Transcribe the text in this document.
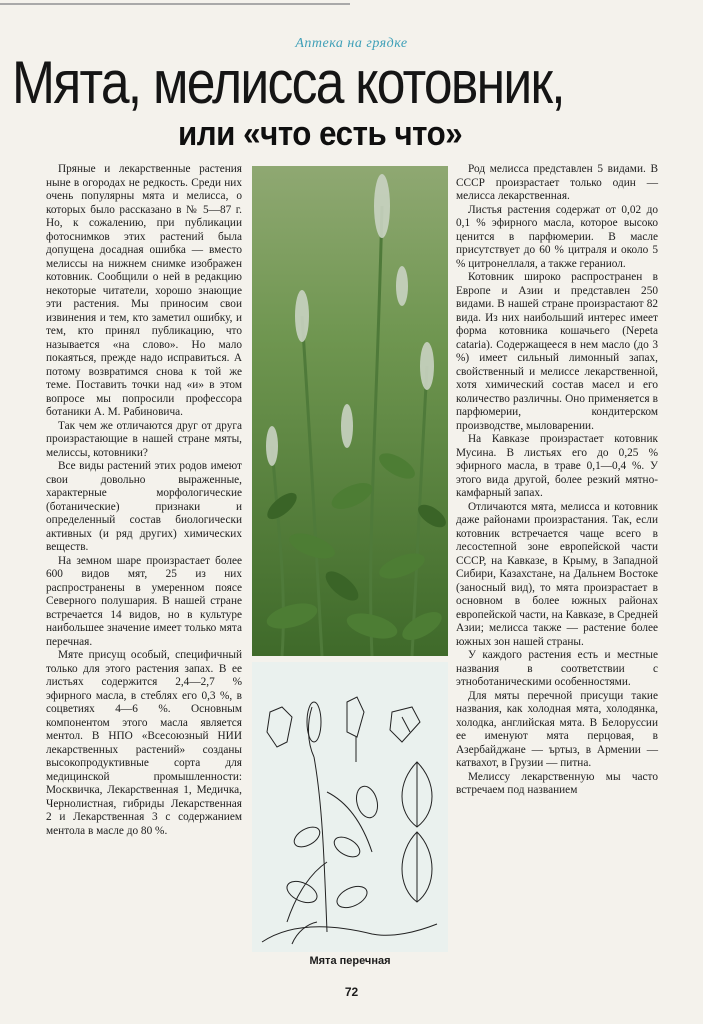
Аптека на грядке
Мята, мелисса котовник,
или «что есть что»

Пряные и лекарственные растения ныне в огородах не редкость. Среди них очень популярны мята и мелисса, о которых было рассказано в № 5—87 г. Но, к сожалению, при публикации фотоснимков этих растений была допущена досадная ошибка — вместо мелиссы на нижнем снимке изображен котовник. Сообщили о ней в редакцию некоторые читатели, хорошо знающие эти растения. Мы приносим свои извинения и тем, кто заметил ошибку, и тем, кто принял публикацию, что называется «на слово». Но мало покаяться, прежде надо исправиться. А потому возвратимся снова к той же теме. Поставить точки над «и» в этом вопросе мы попросили профессора ботаники А. М. Рабиновича.

Так чем же отличаются друг от друга произрастающие в нашей стране мяты, мелиссы, котовники?

Все виды растений этих родов имеют свои довольно выраженные, характерные морфологические (ботанические) признаки и определенный состав биологически активных (и ряд других) химических веществ.

На земном шаре произрастает более 600 видов мят, 25 из них распространены в умеренном поясе Северного полушария. В нашей стране встречается 14 видов, но в культуре наибольшее значение имеет только мята перечная.

Мяте присущ особый, специфичный только для этого растения запах. В ее листьях содержится 2,4—2,7 % эфирного масла, в стеблях его 0,3 %, в соцветиях 4—6 %. Основным компонентом этого масла является ментол. В НПО «Всесоюзный НИИ лекарственных растений» созданы высокопродуктивные сорта для медицинской промышленности: Москвичка, Лекарственная 1, Медичка, Чернолистная, гибриды Лекарственная 2 и Лекарственная 3 с содержанием ментола в масле до 80 %.

Мята перечная

Род мелисса представлен 5 видами. В СССР произрастает только один — мелисса лекарственная.

Листья растения содержат от 0,02 до 0,1 % эфирного масла, которое высоко ценится в парфюмерии. В масле присутствует до 60 % цитраля и около 5 % цитронеллаля, а также гераниол.

Котовник широко распространен в Европе и Азии и представлен 250 видами. В нашей стране произрастают 82 вида. Из них наибольший интерес имеет форма котовника кошачьего (Nepeta cataria). Содержащееся в нем масло (до 3 %) имеет сильный лимонный запах, свойственный и мелиссе лекарственной, хотя химический состав масел и его количество различны. Оно применяется в парфюмерии, кондитерском производстве, мыловарении.

На Кавказе произрастает котовник Мусина. В листьях его до 0,25 % эфирного масла, в траве 0,1—0,4 %. У этого вида другой, более резкий мятно-камфарный запах.

Отличаются мята, мелисса и котовник даже районами произрастания. Так, если котовник встречается чаще всего в лесостепной зоне европейской части СССР, на Кавказе, в Крыму, в Западной Сибири, Казахстане, на Дальнем Востоке (заносный вид), то мята произрастает в основном в более южных районах европейской части, на Кавказе, в Средней Азии; мелисса также — растение более южных зон нашей страны.

У каждого растения есть и местные названия в соответствии с этноботаническими особенностями.

Для мяты перечной присущи такие названия, как холодная мята, холодянка, холодка, английская мята. В Белоруссии ее именуют мята перцовая, в Азербайджане — ъртыз, в Армении — катвахот, в Грузии — питна.

Мелиссу лекарственную мы часто встречаем под названием

72
